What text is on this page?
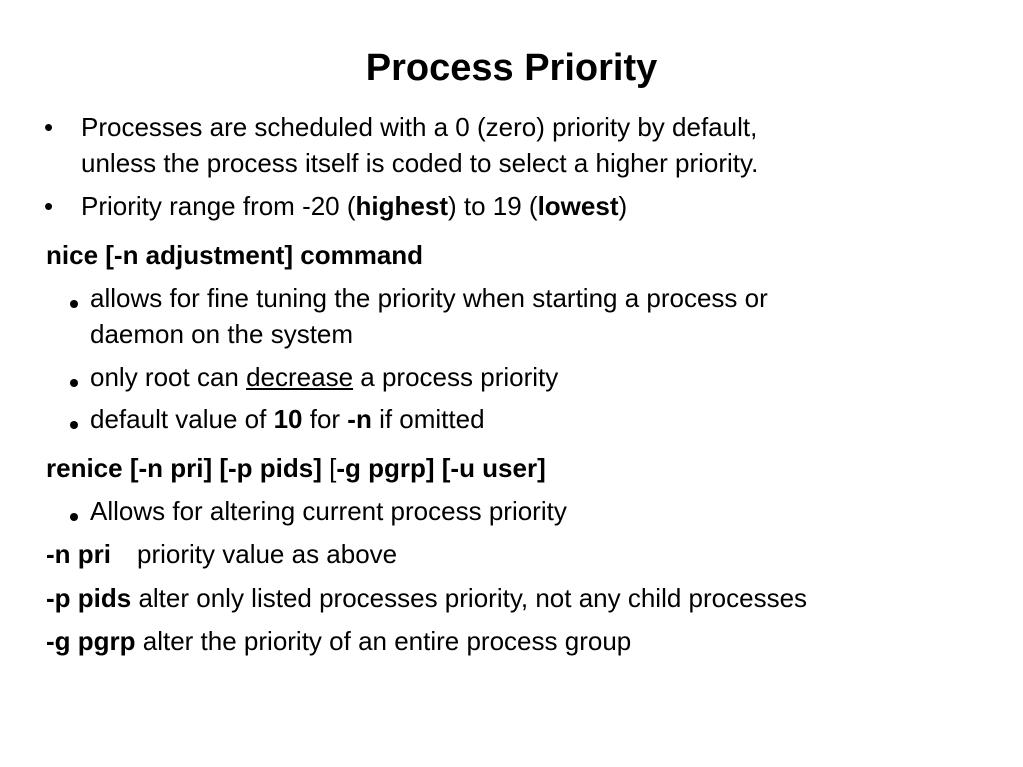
Process Priority
• Processes are scheduled with a 0 (zero) priority by default,
unless the process itself is coded to select a higher priority.
• Priority range from -20 (highest) to 19 (lowest)
nice [-n adjustment] command
allows for fine tuning the priority when starting a process or
daemon on the system
only root can decrease a process priority
default value of 10 for -n if omitted
renice [-n pri] [-p pids] [-g pgrp] [-u user]
Allows for altering current process priority
-n pri priority value as above
-p pids alter only listed processes priority, not any child processes
-g pgrp alter the priority of an entire process group
